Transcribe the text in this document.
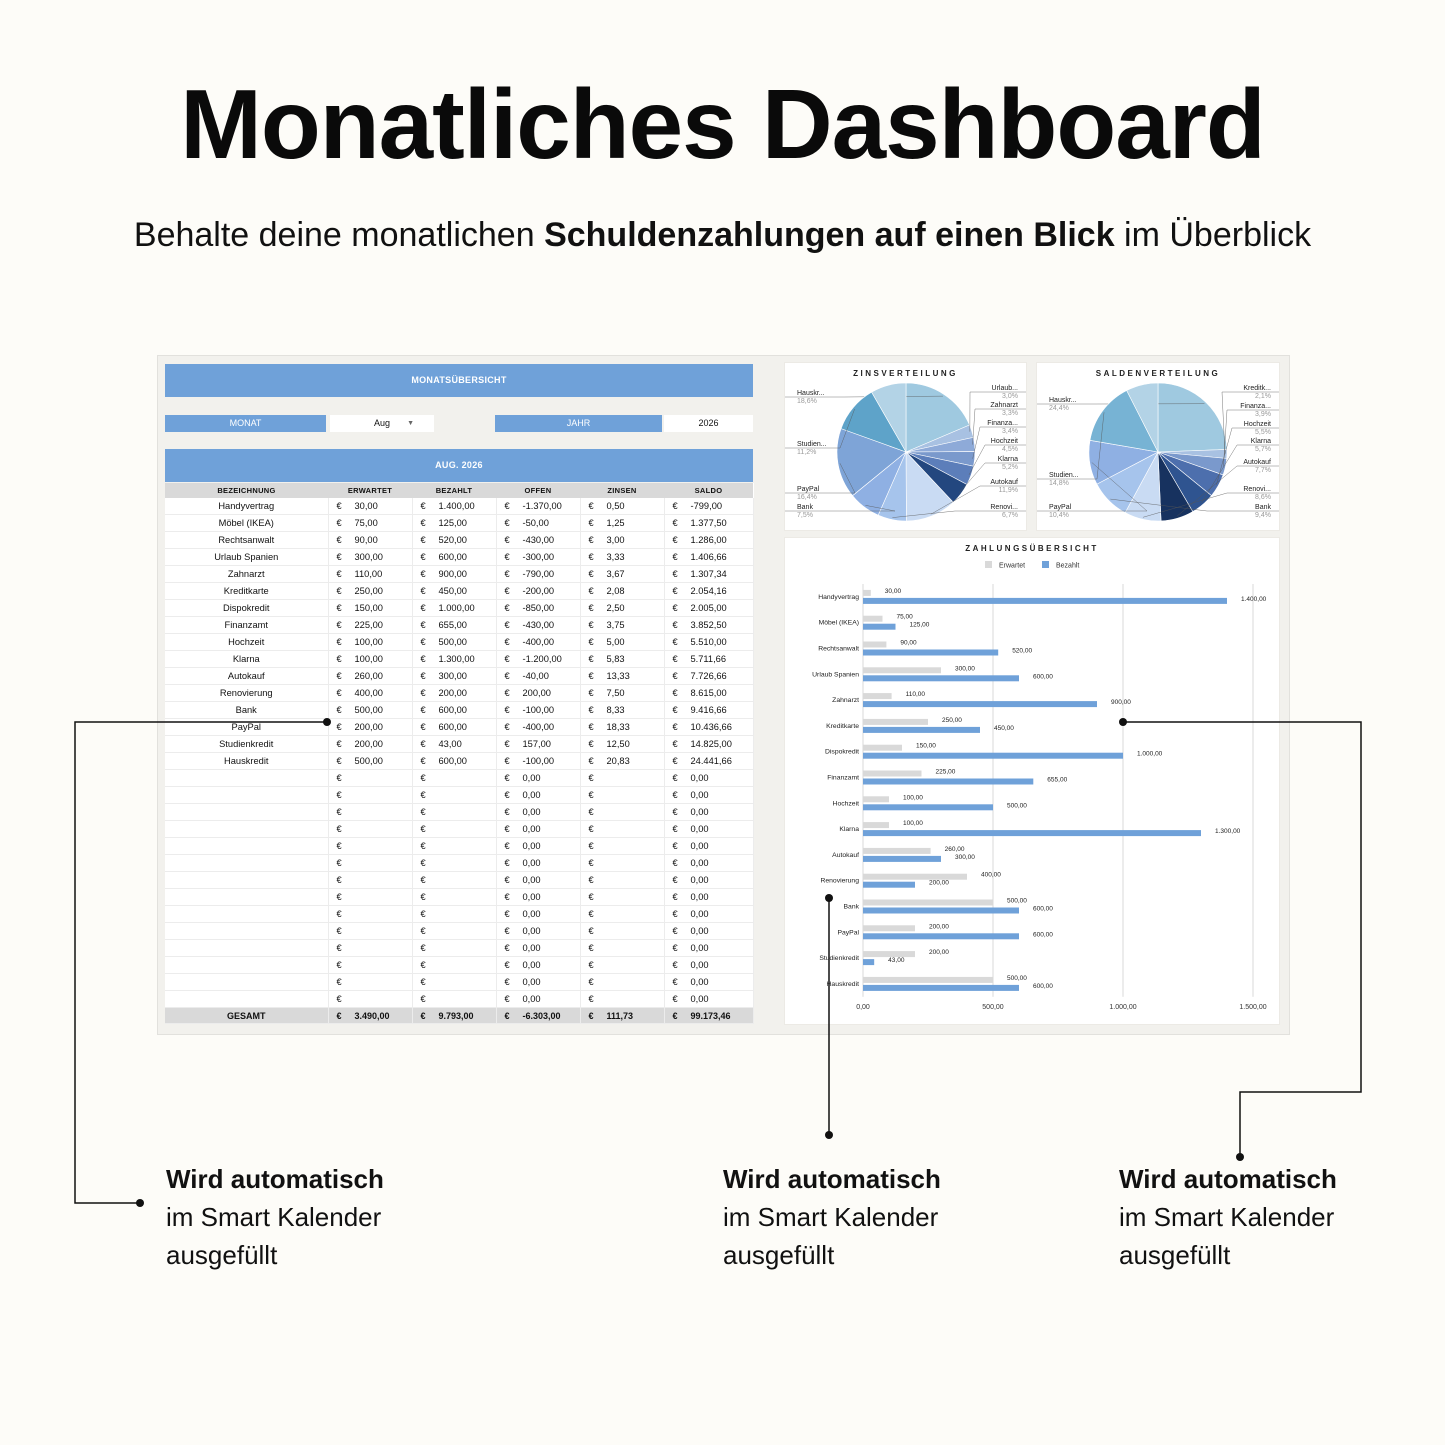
Monatliches Dashboard
Behalte deine monatlichen Schuldenzahlungen auf einen Blick im Überblick
MONATSÜBERSICHT
MONAT	Aug ▼	JAHR	2026
AUG. 2026
BEZEICHNUNG	ERWARTET	BEZAHLT	OFFEN	ZINSEN	SALDO
Handyvertrag	€ 30,00	€ 1.400,00	€ -1.370,00	€ 0,50	€ -799,00
Möbel (IKEA)	€ 75,00	€ 125,00	€ -50,00	€ 1,25	€ 1.377,50
Rechtsanwalt	€ 90,00	€ 520,00	€ -430,00	€ 3,00	€ 1.286,00
Urlaub Spanien	€ 300,00	€ 600,00	€ -300,00	€ 3,33	€ 1.406,66
Zahnarzt	€ 110,00	€ 900,00	€ -790,00	€ 3,67	€ 1.307,34
Kreditkarte	€ 250,00	€ 450,00	€ -200,00	€ 2,08	€ 2.054,16
Dispokredit	€ 150,00	€ 1.000,00	€ -850,00	€ 2,50	€ 2.005,00
Finanzamt	€ 225,00	€ 655,00	€ -430,00	€ 3,75	€ 3.852,50
Hochzeit	€ 100,00	€ 500,00	€ -400,00	€ 5,00	€ 5.510,00
Klarna	€ 100,00	€ 1.300,00	€ -1.200,00	€ 5,83	€ 5.711,66
Autokauf	€ 260,00	€ 300,00	€ -40,00	€ 13,33	€ 7.726,66
Renovierung	€ 400,00	€ 200,00	€ 200,00	€ 7,50	€ 8.615,00
Bank	€ 500,00	€ 600,00	€ -100,00	€ 8,33	€ 9.416,66
PayPal	€ 200,00	€ 600,00	€ -400,00	€ 18,33	€ 10.436,66
Studienkredit	€ 200,00	€ 43,00	€ 157,00	€ 12,50	€ 14.825,00
Hauskredit	€ 500,00	€ 600,00	€ -100,00	€ 20,83	€ 24.441,66
	€	€	€ 0,00	€	€ 0,00
	€	€	€ 0,00	€	€ 0,00
	€	€	€ 0,00	€	€ 0,00
	€	€	€ 0,00	€	€ 0,00
	€	€	€ 0,00	€	€ 0,00
	€	€	€ 0,00	€	€ 0,00
	€	€	€ 0,00	€	€ 0,00
	€	€	€ 0,00	€	€ 0,00
	€	€	€ 0,00	€	€ 0,00
	€	€	€ 0,00	€	€ 0,00
	€	€	€ 0,00	€	€ 0,00
	€	€	€ 0,00	€	€ 0,00
	€	€	€ 0,00	€	€ 0,00
	€	€	€ 0,00	€	€ 0,00
GESAMT	€ 3.490,00	€ 9.793,00	€ -6.303,00	€ 111,73	€ 99.173,46
ZINSVERTEILUNG
Hauskr...
18,6%
Urlaub...
3,0%
Zahnarzt
3,3%
Finanza...
3,4%
Hochzeit
4,5%
Klarna
5,2%
Autokauf
11,9%
Renovi...
6,7%
Bank
7,5%
PayPal
16,4%
Studien...
11,2%
SALDENVERTEILUNG
Hauskr...
24,4%
Kreditk...
2,1%
Finanza...
3,9%
Hochzeit
5,5%
Klarna
5,7%
Autokauf
7,7%
Renovi...
8,6%
Bank
9,4%
PayPal
10,4%
Studien...
14,8%
ZAHLUNGSÜBERSICHT
Erwartet	Bezahlt
0,00	500,00	1.000,00	1.500,00
Handyvertrag
30,00
1.400,00
Möbel (IKEA)
75,00
125,00
Rechtsanwalt
90,00
520,00
Urlaub Spanien
300,00
600,00
Zahnarzt
110,00
900,00
Kreditkarte
250,00
450,00
Dispokredit
150,00
1.000,00
Finanzamt
225,00
655,00
Hochzeit
100,00
500,00
Klarna
100,00
1.300,00
Autokauf
260,00
300,00
Renovierung
400,00
200,00
Bank
500,00
600,00
PayPal
200,00
600,00
Studienkredit
200,00
43,00
Hauskredit
500,00
600,00
Wird automatisch
im Smart Kalender
ausgefüllt
Wird automatisch
im Smart Kalender
ausgefüllt
Wird automatisch
im Smart Kalender
ausgefüllt
